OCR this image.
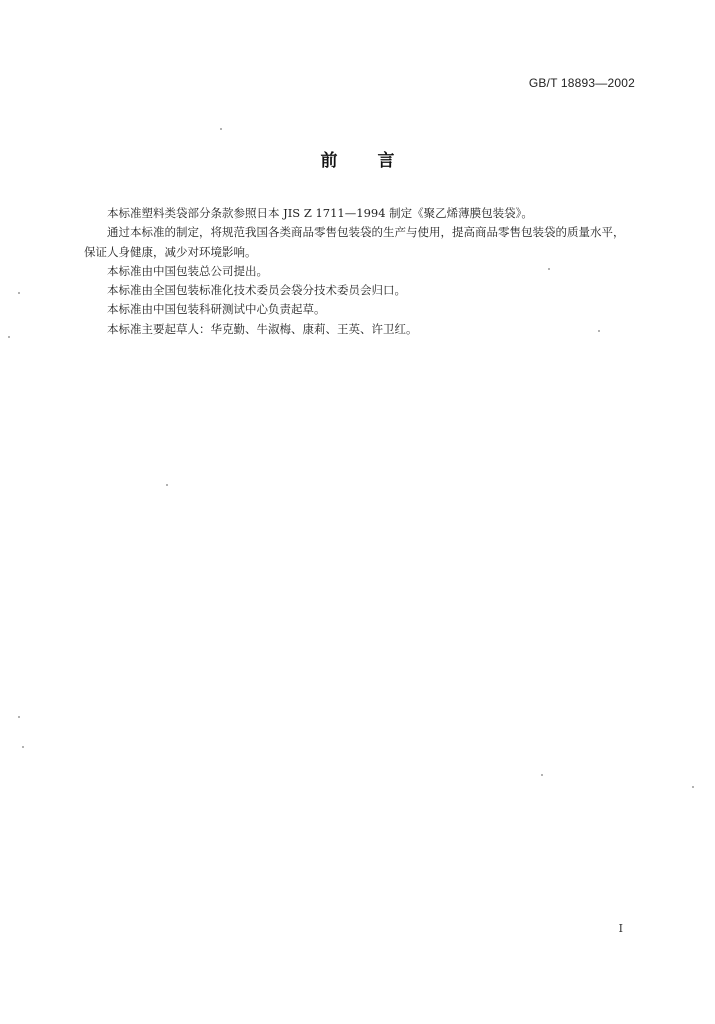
GB/T 18893—2002
前言

本标准塑料类袋部分条款参照日本 JIS Z 1711—1994 制定《聚乙烯薄膜包装袋》。

通过本标准的制定，将规范我国各类商品零售包装袋的生产与使用，提高商品零售包装袋的质量水平，保证人身健康，减少对环境影响。

本标准由中国包装总公司提出。

本标准由全国包装标准化技术委员会袋分技术委员会归口。

本标准由中国包装科研测试中心负责起草。

本标准主要起草人：华克勤、牛淑梅、康莉、王英、许卫红。

I
